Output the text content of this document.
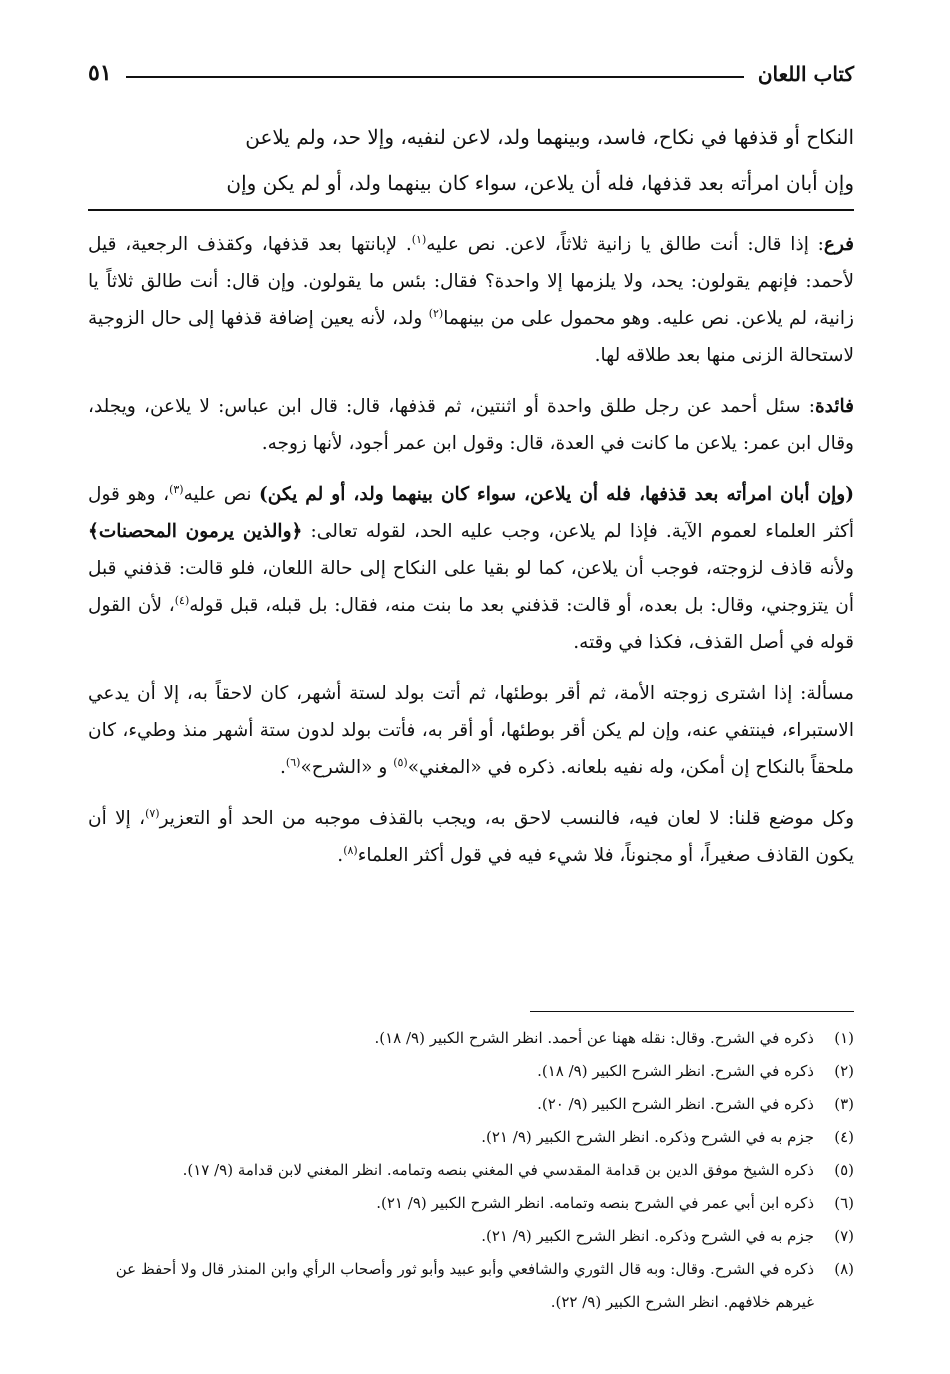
كتاب اللعان
٥١

النكاح أو قذفها في نكاح، فاسد، وبينهما ولد، لاعن لنفيه، وإلا حد، ولم يلاعن

وإن أبان امرأته بعد قذفها، فله أن يلاعن، سواء كان بينهما ولد، أو لم يكن وإن

فرع: إذا قال: أنت طالق يا زانية ثلاثاً، لاعن. نص عليه$^{(١)}$. لإبانتها بعد قذفها، وكقذف الرجعية، قيل لأحمد: فإنهم يقولون: يحد، ولا يلزمها إلا واحدة؟ فقال: بئس ما يقولون. وإن قال: أنت طالق ثلاثاً يا زانية، لم يلاعن. نص عليه. وهو محمول على من بينهما$^{(٢)}$ ولد، لأنه يعين إضافة قذفها إلى حال الزوجية لاستحالة الزنى منها بعد طلاقه لها.

فائدة: سئل أحمد عن رجل طلق واحدة أو اثنتين، ثم قذفها، قال: قال ابن عباس: لا يلاعن، ويجلد، وقال ابن عمر: يلاعن ما كانت في العدة، قال: وقول ابن عمر أجود، لأنها زوجه.

(وإن أبان امرأته بعد قذفها، فله أن يلاعن، سواء كان بينهما ولد، أو لم يكن) نص عليه$^{(٣)}$، وهو قول أكثر العلماء لعموم الآية. فإذا لم يلاعن، وجب عليه الحد، لقوله تعالى: ﴿والذين يرمون المحصنات﴾ ولأنه قاذف لزوجته، فوجب أن يلاعن، كما لو بقيا على النكاح إلى حالة اللعان، فلو قالت: قذفني قبل أن يتزوجني، وقال: بل بعده، أو قالت: قذفني بعد ما بنت منه، فقال: بل قبله، قبل قوله$^{(٤)}$، لأن القول قوله في أصل القذف، فكذا في وقته.

مسألة: إذا اشترى زوجته الأمة، ثم أقر بوطئها، ثم أتت بولد لستة أشهر، كان لاحقاً به، إلا أن يدعي الاستبراء، فينتفي عنه، وإن لم يكن أقر بوطئها، أو أقر به، فأتت بولد لدون ستة أشهر منذ وطيء، كان ملحقاً بالنكاح إن أمكن، وله نفيه بلعانه. ذكره في «المغني»$^{(٥)}$ و «الشرح»$^{(٦)}$.

وكل موضع قلنا: لا لعان فيه، فالنسب لاحق به، ويجب بالقذف موجبه من الحد أو التعزير$^{(٧)}$، إلا أن يكون القاذف صغيراً، أو مجنوناً، فلا شيء فيه في قول أكثر العلماء$^{(٨)}$.

(١)
ذكره في الشرح. وقال: نقله ههنا عن أحمد. انظر الشرح الكبير (٩/ ١٨).
(٢)
ذكره في الشرح. انظر الشرح الكبير (٩/ ١٨).
(٣)
ذكره في الشرح. انظر الشرح الكبير (٩/ ٢٠).
(٤)
جزم به في الشرح وذكره. انظر الشرح الكبير (٩/ ٢١).
(٥)
ذكره الشيخ موفق الدين بن قدامة المقدسي في المغني بنصه وتمامه. انظر المغني لابن قدامة (٩/ ١٧).
(٦)
ذكره ابن أبي عمر في الشرح بنصه وتمامه. انظر الشرح الكبير (٩/ ٢١).
(٧)
جزم به في الشرح وذكره. انظر الشرح الكبير (٩/ ٢١).
(٨)
ذكره في الشرح. وقال: وبه قال الثوري والشافعي وأبو عبيد وأبو ثور وأصحاب الرأي وابن المنذر قال ولا أحفظ عن غيرهم خلافهم. انظر الشرح الكبير (٩/ ٢٢).
